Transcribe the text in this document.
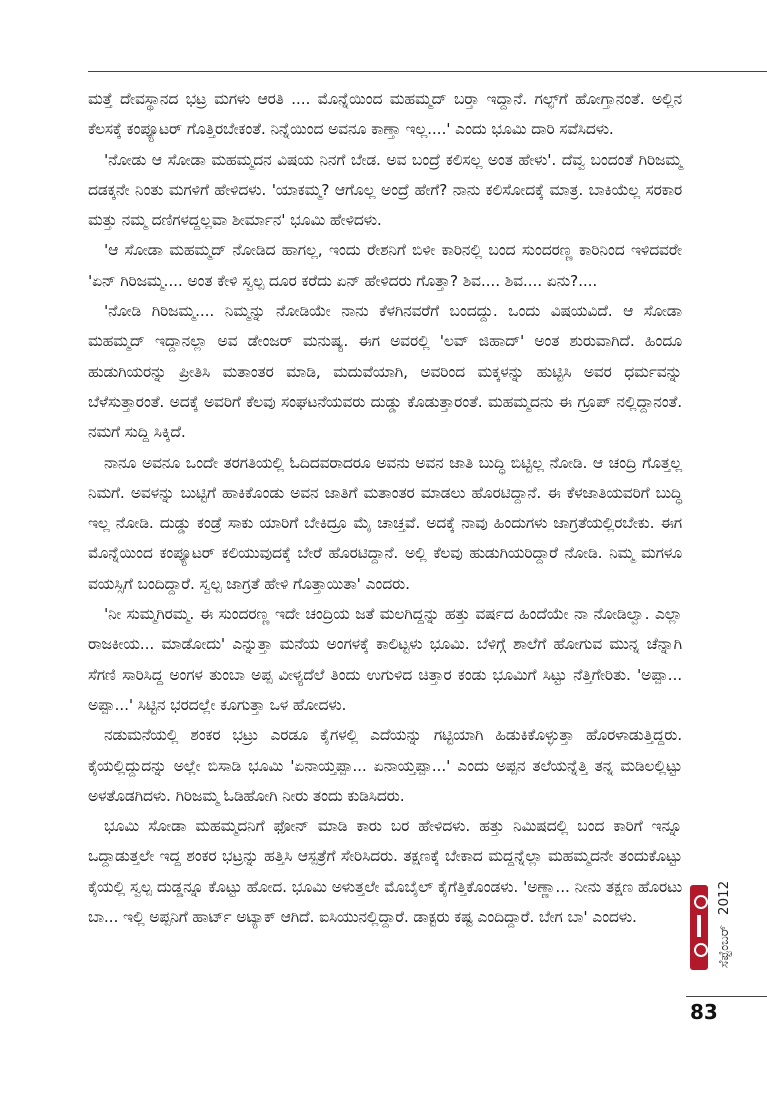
ಮತ್ತೆ ದೇವಸ್ಥಾನದ ಭಟ್ರ ಮಗಳು ಆರತಿ .... ಮೊನ್ನೆಯಿಂದ ಮಹಮ್ಮದ್ ಬರ್‍ತಾ ಇದ್ದಾನೆ. ಗಲ್ಫ್‌ಗೆ ಹೋಗ್ತಾನಂತೆ. ಅಲ್ಲಿನ ಕೆಲಸಕ್ಕೆ ಕಂಪ್ಯೂಟರ್ ಗೊತ್ತಿರಬೇಕಂತೆ. ನಿನ್ನೆಯಿಂದ ಅವನೂ ಕಾಣ್ತಾ ಇಲ್ಲ....' ಎಂದು ಭೂಮಿ ದಾರಿ ಸವೆಸಿದಳು.

'ನೋಡು ಆ ಸೋಡಾ ಮಹಮ್ಮದನ ವಿಷಯ ನಿನಗೆ ಬೇಡ. ಅವ ಬಂದ್ರೆ ಕಲಿಸಲ್ಲ ಅಂತ ಹೇಳು'. ದೆವ್ವ ಬಂದಂತೆ ಗಿರಿಜಮ್ಮ ದಡಕ್ಕನೇ ನಿಂತು ಮಗಳಿಗೆ ಹೇಳಿದಳು. 'ಯಾಕಮ್ಮ? ಆಗೊಲ್ಲ ಅಂದ್ರೆ ಹೇಗೆ? ನಾನು ಕಲಿಸೋದಕ್ಕೆ ಮಾತ್ರ. ಬಾಕಿಯೆಲ್ಲ ಸರಕಾರ ಮತ್ತು ನಮ್ಮ ದಣಿಗಳದ್ದಲ್ಲವಾ ಶೀರ್ಮಾನ' ಭೂಮಿ ಹೇಳಿದಳು.

'ಆ ಸೋಡಾ ಮಹಮ್ಮದ್ ನೋಡಿದ ಹಾಗಲ್ಲ, ಇಂದು ರೇಶನಿಗೆ ಬಿಳೀ ಕಾರಿನಲ್ಲಿ ಬಂದ ಸುಂದರಣ್ಣ ಕಾರಿನಿಂದ ಇಳಿದವರೇ 'ಏನ್ ಗಿರಿಜಮ್ಮ.... ಅಂತ ಕೇಳಿ ಸ್ವಲ್ಪ ದೂರ ಕರೆದು ಏನ್ ಹೇಳಿದರು ಗೊತ್ತಾ? ಶಿವ.... ಶಿವ.... ಏನು?....

'ನೋಡಿ ಗಿರಿಜಮ್ಮ.... ನಿಮ್ಮನ್ನು ನೋಡಿಯೇ ನಾನು ಕೆಳಗಿನವರೆಗೆ ಬಂದದ್ದು. ಒಂದು ವಿಷಯವಿದೆ. ಆ ಸೋಡಾ ಮಹಮ್ಮದ್ ಇದ್ದಾನಲ್ಲಾ ಅವ ಡೇಂಜರ್ ಮನುಷ್ಯ. ಈಗ ಅವರಲ್ಲಿ 'ಲವ್ ಜಿಹಾದ್' ಅಂತ ಶುರುವಾಗಿದೆ. ಹಿಂದೂ ಹುಡುಗಿಯರನ್ನು ಪ್ರೀತಿಸಿ ಮತಾಂತರ ಮಾಡಿ, ಮದುವೆಯಾಗಿ, ಅವರಿಂದ ಮಕ್ಕಳನ್ನು ಹುಟ್ಟಿಸಿ ಅವರ ಧರ್ಮವನ್ನು ಬೆಳೆಸುತ್ತಾರಂತೆ. ಅದಕ್ಕೆ ಅವರಿಗೆ ಕೆಲವು ಸಂಘಟನೆಯವರು ದುಡ್ಡು ಕೊಡುತ್ತಾರಂತೆ. ಮಹಮ್ಮದನು ಈ ಗ್ರೂಪ್ ನಲ್ಲಿದ್ದಾನಂತೆ. ನಮಗೆ ಸುದ್ದಿ ಸಿಕ್ಕಿದೆ.

ನಾನೂ ಅವನೂ ಒಂದೇ ತರಗತಿಯಲ್ಲಿ ಓದಿದವರಾದರೂ ಅವನು ಅವನ ಜಾತಿ ಬುದ್ಧಿ ಬಿಟ್ಟಿಲ್ಲ ನೋಡಿ. ಆ ಚಂದ್ರಿ ಗೊತ್ತಲ್ಲ ನಿಮಗೆ. ಅವಳನ್ನು ಬುಟ್ಟಿಗೆ ಹಾಕಿಕೊಂಡು ಅವನ ಜಾತಿಗೆ ಮತಾಂತರ ಮಾಡಲು ಹೊರಟಿದ್ದಾನೆ. ಈ ಕೆಳಜಾತಿಯವರಿಗೆ ಬುದ್ಧಿ ಇಲ್ಲ ನೋಡಿ. ದುಡ್ಡು ಕಂಡ್ರೆ ಸಾಕು ಯಾರಿಗೆ ಬೇಕಿದ್ರೂ ಮೈ ಚಾಚ್ತವೆ. ಅದಕ್ಕೆ ನಾವು ಹಿಂದುಗಳು ಜಾಗ್ರತೆಯಲ್ಲಿರಬೇಕು. ಈಗ ಮೊನ್ನೆಯಿಂದ ಕಂಪ್ಯೂಟರ್ ಕಲಿಯುವುದಕ್ಕೆ ಬೇರೆ ಹೊರಟಿದ್ದಾನೆ. ಅಲ್ಲಿ ಕೆಲವು ಹುಡುಗಿಯರಿದ್ದಾರೆ ನೋಡಿ. ನಿಮ್ಮ ಮಗಳೂ ವಯಸ್ಸಿಗೆ ಬಂದಿದ್ದಾರೆ. ಸ್ವಲ್ಪ ಜಾಗ್ರತೆ ಹೇಳಿ ಗೊತ್ತಾಯಿತಾ' ಎಂದರು.

'ನೀ ಸುಮ್ಮಗಿರಮ್ಮ. ಈ ಸುಂದರಣ್ಣ ಇದೇ ಚಂದ್ರಿಯ ಜತೆ ಮಲಗಿದ್ದನ್ನು ಹತ್ತು ವರ್ಷದ ಹಿಂದೆಯೇ ನಾ ನೋಡಿಲ್ವಾ. ಎಲ್ಲಾ ರಾಜಕೀಯ... ಮಾಡೋದು' ಎನ್ನುತ್ತಾ ಮನೆಯ ಅಂಗಳಕ್ಕೆ ಕಾಲಿಟ್ಟಳು ಭೂಮಿ. ಬೆಳಿಗ್ಗೆ ಶಾಲೆಗೆ ಹೋಗುವ ಮುನ್ನ ಚೆನ್ನಾಗಿ ಸೆಗಣಿ ಸಾರಿಸಿದ್ದ ಅಂಗಳ ತುಂಬಾ ಅಪ್ಪ ವೀಳ್ಯದೆಲೆ ತಿಂದು ಉಗುಳಿದ ಚಿತ್ತಾರ ಕಂಡು ಭೂಮಿಗೆ ಸಿಟ್ಟು ನೆತ್ತಿಗೇರಿತು. 'ಅಪ್ಪಾ... ಅಪ್ಪಾ...' ಸಿಟ್ಟಿನ ಭರದಲ್ಲೇ ಕೂಗುತ್ತಾ ಒಳ ಹೋದಳು.

ನಡುಮನೆಯಲ್ಲಿ ಶಂಕರ ಭಟ್ರು ಎರಡೂ ಕೈಗಳಲ್ಲಿ ಎದೆಯನ್ನು ಗಟ್ಟಿಯಾಗಿ ಹಿಡುಕಿಕೊಳ್ಳುತ್ತಾ ಹೊರಳಾಡುತ್ತಿದ್ದರು. ಕೈಯಲ್ಲಿದ್ದುದನ್ನು ಅಲ್ಲೇ ಬಿಸಾಡಿ ಭೂಮಿ 'ಏನಾಯ್ತಪ್ಪಾ... ಏನಾಯ್ತಪ್ಪಾ...' ಎಂದು ಅಪ್ಪನ ತಲೆಯನ್ನೆತ್ತಿ ತನ್ನ ಮಡಿಲಲ್ಲಿಟ್ಟು ಅಳತೊಡಗಿದಳು. ಗಿರಿಜಮ್ಮ ಓಡಿಹೋಗಿ ನೀರು ತಂದು ಕುಡಿಸಿದರು.

ಭೂಮಿ ಸೋಡಾ ಮಹಮ್ಮದನಿಗೆ ಫೋನ್ ಮಾಡಿ ಕಾರು ಬರ ಹೇಳಿದಳು. ಹತ್ತು ನಿಮಿಷದಲ್ಲಿ ಬಂದ ಕಾರಿಗೆ ಇನ್ನೂ ಒದ್ದಾಡುತ್ತಲೇ ಇದ್ದ ಶಂಕರ ಭಟ್ರನ್ನು ಹತ್ತಿಸಿ ಆಸ್ಪತ್ರೆಗೆ ಸೇರಿಸಿದರು. ತಕ್ಷಣಕ್ಕೆ ಬೇಕಾದ ಮದ್ದನ್ನೆಲ್ಲಾ ಮಹಮ್ಮದನೇ ತಂದುಕೊಟ್ಟು ಕೈಯಲ್ಲಿ ಸ್ವಲ್ಪ ದುಡ್ಡನ್ನೂ ಕೊಟ್ಟು ಹೋದ. ಭೂಮಿ ಅಳುತ್ತಲೇ ಮೊಬೈಲ್ ಕೈಗೆತ್ತಿಕೊಂಡಳು. 'ಅಣ್ಣಾ... ನೀನು ತಕ್ಷಣ ಹೊರಟು ಬಾ... ಇಲ್ಲಿ ಅಪ್ಪನಿಗೆ ಹಾರ್ಟ್ ಅಟ್ಯಾಕ್ ಆಗಿದೆ. ಐಸಿಯುನಲ್ಲಿದ್ದಾರೆ. ಡಾಕ್ಟರು ಕಷ್ಟ ಎಂದಿದ್ದಾರೆ. ಬೇಗ ಬಾ' ಎಂದಳು.

ಸೆಪ್ಟೆಂಬರ್2012
83
